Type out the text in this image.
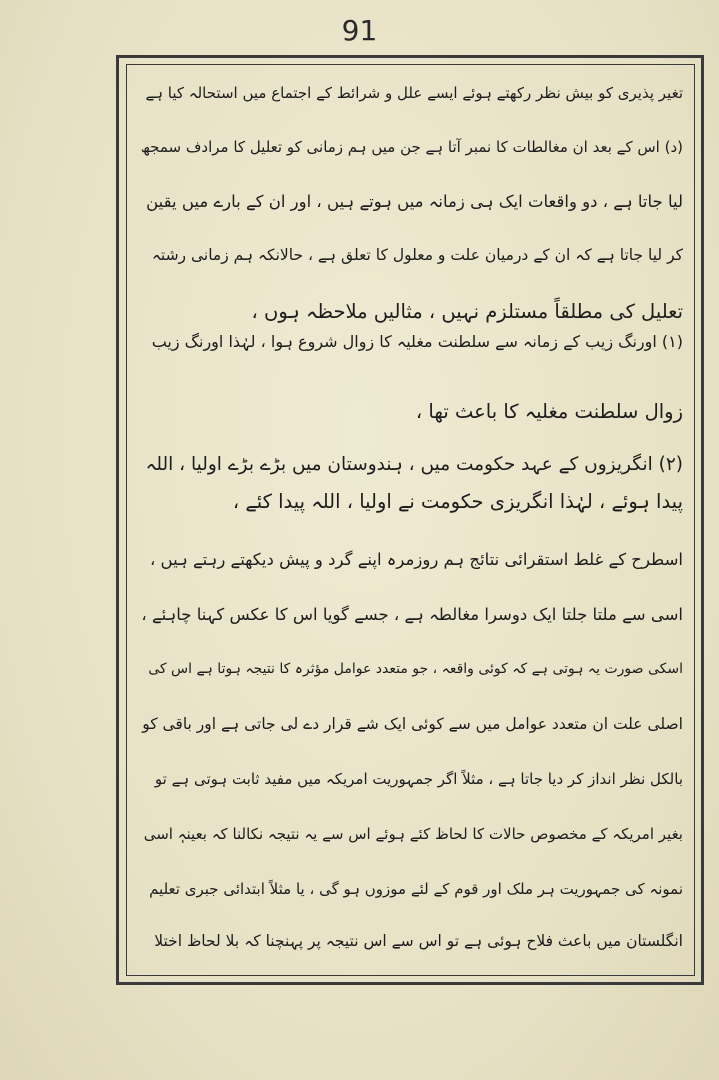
91
تغیر پذیری کو بیش نظر رکھتے ہوئے ایسے علل و شرائط کے اجتماع میں استحالہ کیا ہے
(د) اس کے بعد ان مغالطات کا نمبر آتا ہے جن میں ہم زمانی کو تعلیل کا مرادف سمجھ
لیا جاتا ہے ، دو واقعات ایک ہی زمانہ میں ہوتے ہیں ، اور ان کے بارے میں یقین
کر لیا جاتا ہے کہ ان کے درمیان علت و معلول کا تعلق ہے ، حالانکہ ہم زمانی رشتہ
تعلیل کی مطلقاً مستلزم نہیں ، مثالیں ملاحظہ ہوں ،
(۱) اورنگ زیب کے زمانہ سے سلطنت مغلیہ کا زوال شروع ہوا ، لہٰذا اورنگ زیب
زوال سلطنت مغلیہ کا باعث تھا ،
(۲) انگریزوں کے عہد حکومت میں ، ہندوستان میں بڑے بڑے اولیا ، اللہ
پیدا ہوئے ، لہٰذا انگریزی حکومت نے اولیا ، اللہ پیدا کئے ،
اسطرح کے غلط استقرائی نتائج ہم روزمرہ اپنے گرد و پیش دیکھتے رہتے ہیں ،
اسی سے ملتا جلتا ایک دوسرا مغالطہ ہے ، جسے گویا اس کا عکس کہنا چاہئے ،
اسکی صورت یہ ہوتی ہے کہ کوئی واقعہ ، جو متعدد عوامل مؤثرہ کا نتیجہ ہوتا ہے اس کی
اصلی علت ان متعدد عوامل میں سے کوئی ایک شے قرار دے لی جاتی ہے اور باقی کو
بالکل نظر انداز کر دیا جاتا ہے ، مثلاً اگر جمہوریت امریکہ میں مفید ثابت ہوتی ہے تو
بغیر امریکہ کے مخصوص حالات کا لحاظ کئے ہوئے اس سے یہ نتیجہ نکالنا کہ بعینہٖ اسی
نمونہ کی جمہوریت ہر ملک اور قوم کے لئے موزوں ہو گی ، یا مثلاً ابتدائی جبری تعلیم
انگلستان میں باعث فلاح ہوئی ہے تو اس سے اس نتیجہ پر پہنچنا کہ بلا لحاظ اختلا
